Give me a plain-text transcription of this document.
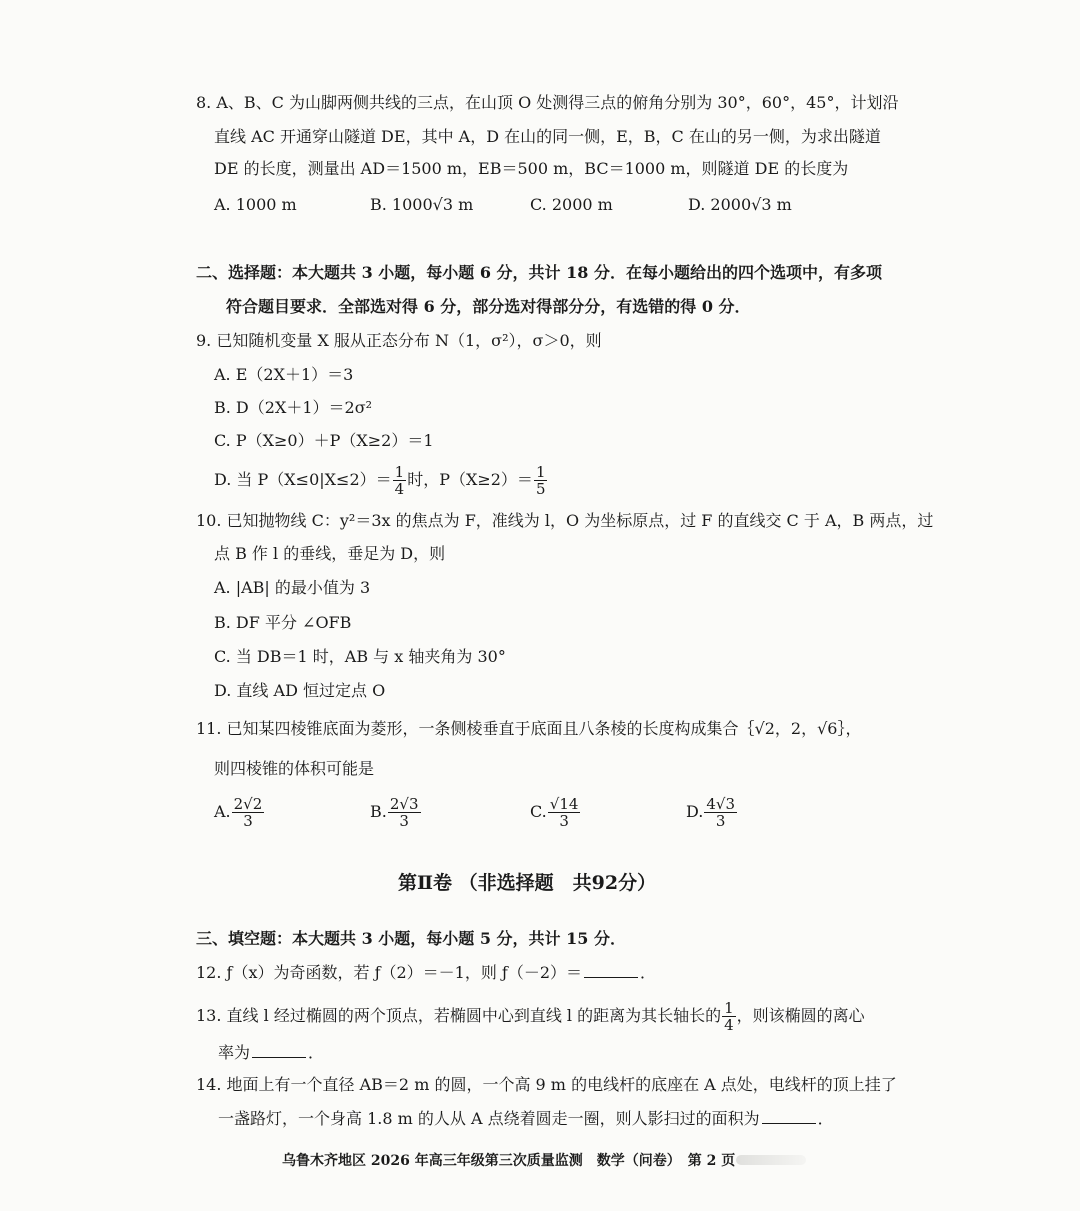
8. A、B、C 为山脚两侧共线的三点，在山顶 O 处测得三点的俯角分别为 30°，60°，45°，计划沿
直线 AC 开通穿山隧道 DE，其中 A，D 在山的同一侧，E，B，C 在山的另一侧，为求出隧道
DE 的长度，测量出 AD＝1500 m，EB＝500 m，BC＝1000 m，则隧道 DE 的长度为
A. 1000 m	B. 1000√3 m	C. 2000 m	D. 2000√3 m
二、选择题：本大题共 3 小题，每小题 6 分，共计 18 分．在每小题给出的四个选项中，有多项
符合题目要求．全部选对得 6 分，部分选对得部分分，有选错的得 0 分．
9. 已知随机变量 X 服从正态分布 N（1，σ²），σ＞0，则
A. E（2X＋1）＝3
B. D（2X＋1）＝2σ²
C. P（X≥0）＋P（X≥2）＝1
D. 当 $P(X\le 0|X\le 2)= \frac{1}{4}$ 时，$P(X\ge 2)= \frac{1}{5}$
10. 已知抛物线 C：y²＝3x 的焦点为 F，准线为 l，O 为坐标原点，过 F 的直线交 C 于 A，B 两点，过
点 B 作 l 的垂线，垂足为 D，则
A. |AB| 的最小值为 3
B. DF 平分 ∠OFB
C. 当 DB＝1 时，AB 与 x 轴夹角为 30°
D. 直线 AD 恒过定点 O
11. 已知某四棱锥底面为菱形，一条侧棱垂直于底面且八条棱的长度构成集合｛√2，2，√6｝，
则四棱锥的体积可能是
A. $\frac{2√2}{3}$	B. $\frac{2√3}{3}$	C. $\frac{√14}{3}$	D. $\frac{4√3}{3}$
第Ⅱ卷 （非选择题　共92分）
三、填空题：本大题共 3 小题，每小题 5 分，共计 15 分．
12. ƒ（x）为奇函数，若 ƒ（2）＝－1，则 ƒ（－2）＝	．
13. 直线 l 经过椭圆的两个顶点，若椭圆中心到直线 l 的距离为其长轴长的 $\frac{1}{4}$ ，则该椭圆的离心
率为	．
14. 地面上有一个直径 AB＝2 m 的圆，一个高 9 m 的电线杆的底座在 A 点处，电线杆的顶上挂了
一盏路灯，一个身高 1.8 m 的人从 A 点绕着圆走一圈，则人影扫过的面积为	．
乌鲁木齐地区 2026 年高三年级第三次质量监测　数学（问卷）　第 2 页
